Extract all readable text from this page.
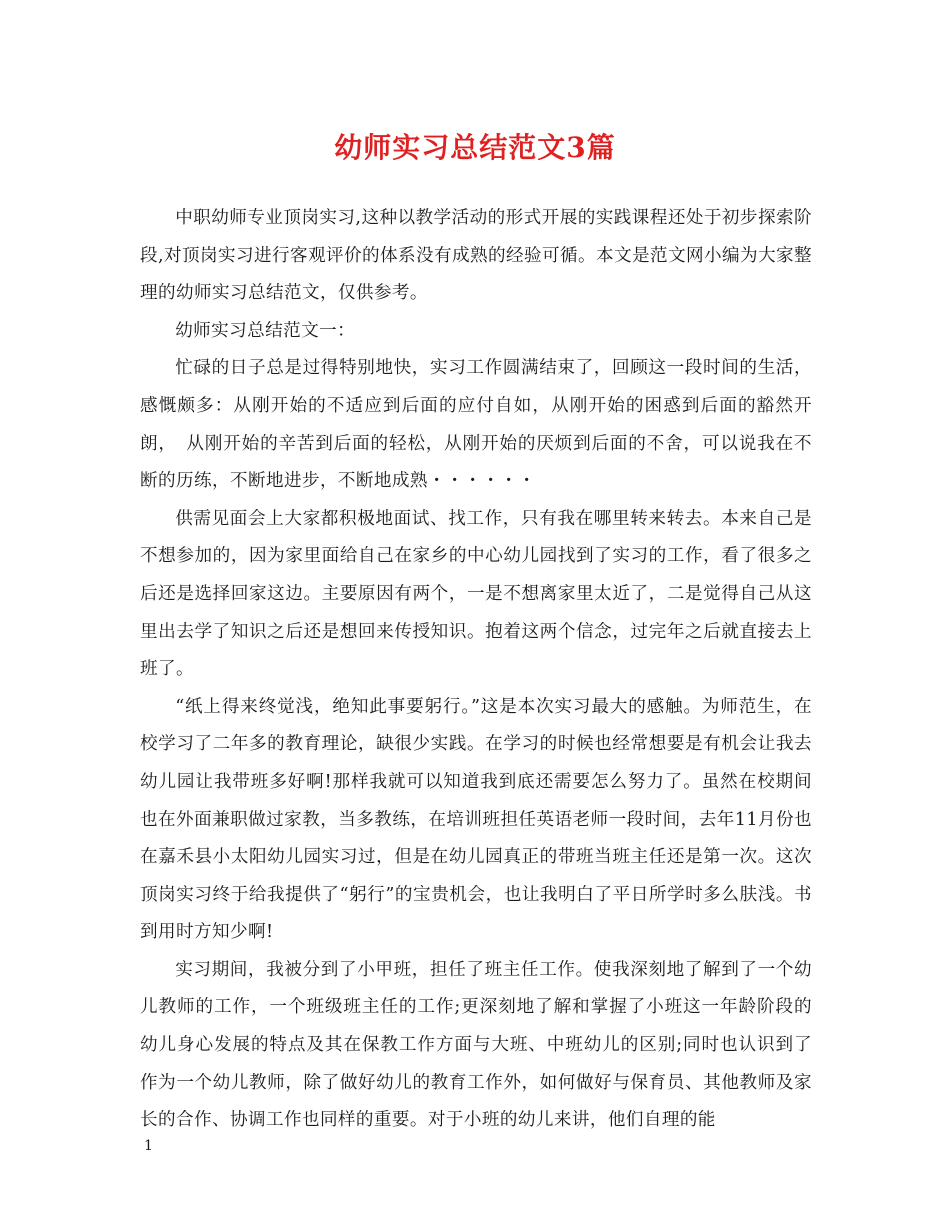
幼师实习总结范文3篇

中职幼师专业顶岗实习,这种以教学活动的形式开展的实践课程还处于初步探索阶段,对顶岗实习进行客观评价的体系没有成熟的经验可循。本文是范文网小编为大家整理的幼师实习总结范文，仅供参考。

幼师实习总结范文一：

忙碌的日子总是过得特别地快，实习工作圆满结束了，回顾这一段时间的生活，感慨颇多：从刚开始的不适应到后面的应付自如，从刚开始的困惑到后面的豁然开朗，　从刚开始的辛苦到后面的轻松，从刚开始的厌烦到后面的不舍，可以说我在不断的历练，不断地进步，不断地成熟・・・・・・

供需见面会上大家都积极地面试、找工作，只有我在哪里转来转去。本来自己是不想参加的，因为家里面给自己在家乡的中心幼儿园找到了实习的工作，看了很多之后还是选择回家这边。主要原因有两个，一是不想离家里太近了，二是觉得自己从这里出去学了知识之后还是想回来传授知识。抱着这两个信念，过完年之后就直接去上班了。

“纸上得来终觉浅，绝知此事要躬行。”这是本次实习最大的感触。为师范生，在校学习了二年多的教育理论，缺很少实践。在学习的时候也经常想要是有机会让我去幼儿园让我带班多好啊!那样我就可以知道我到底还需要怎么努力了。虽然在校期间也在外面兼职做过家教，当多教练，在培训班担任英语老师一段时间，去年11月份也在嘉禾县小太阳幼儿园实习过，但是在幼儿园真正的带班当班主任还是第一次。这次顶岗实习终于给我提供了“躬行”的宝贵机会，也让我明白了平日所学时多么肤浅。书到用时方知少啊!

实习期间，我被分到了小甲班，担任了班主任工作。使我深刻地了解到了一个幼儿教师的工作，一个班级班主任的工作;更深刻地了解和掌握了小班这一年龄阶段的幼儿身心发展的特点及其在保教工作方面与大班、中班幼儿的区别;同时也认识到了作为一个幼儿教师，除了做好幼儿的教育工作外，如何做好与保育员、其他教师及家长的合作、协调工作也同样的重要。对于小班的幼儿来讲，他们自理的能

1
